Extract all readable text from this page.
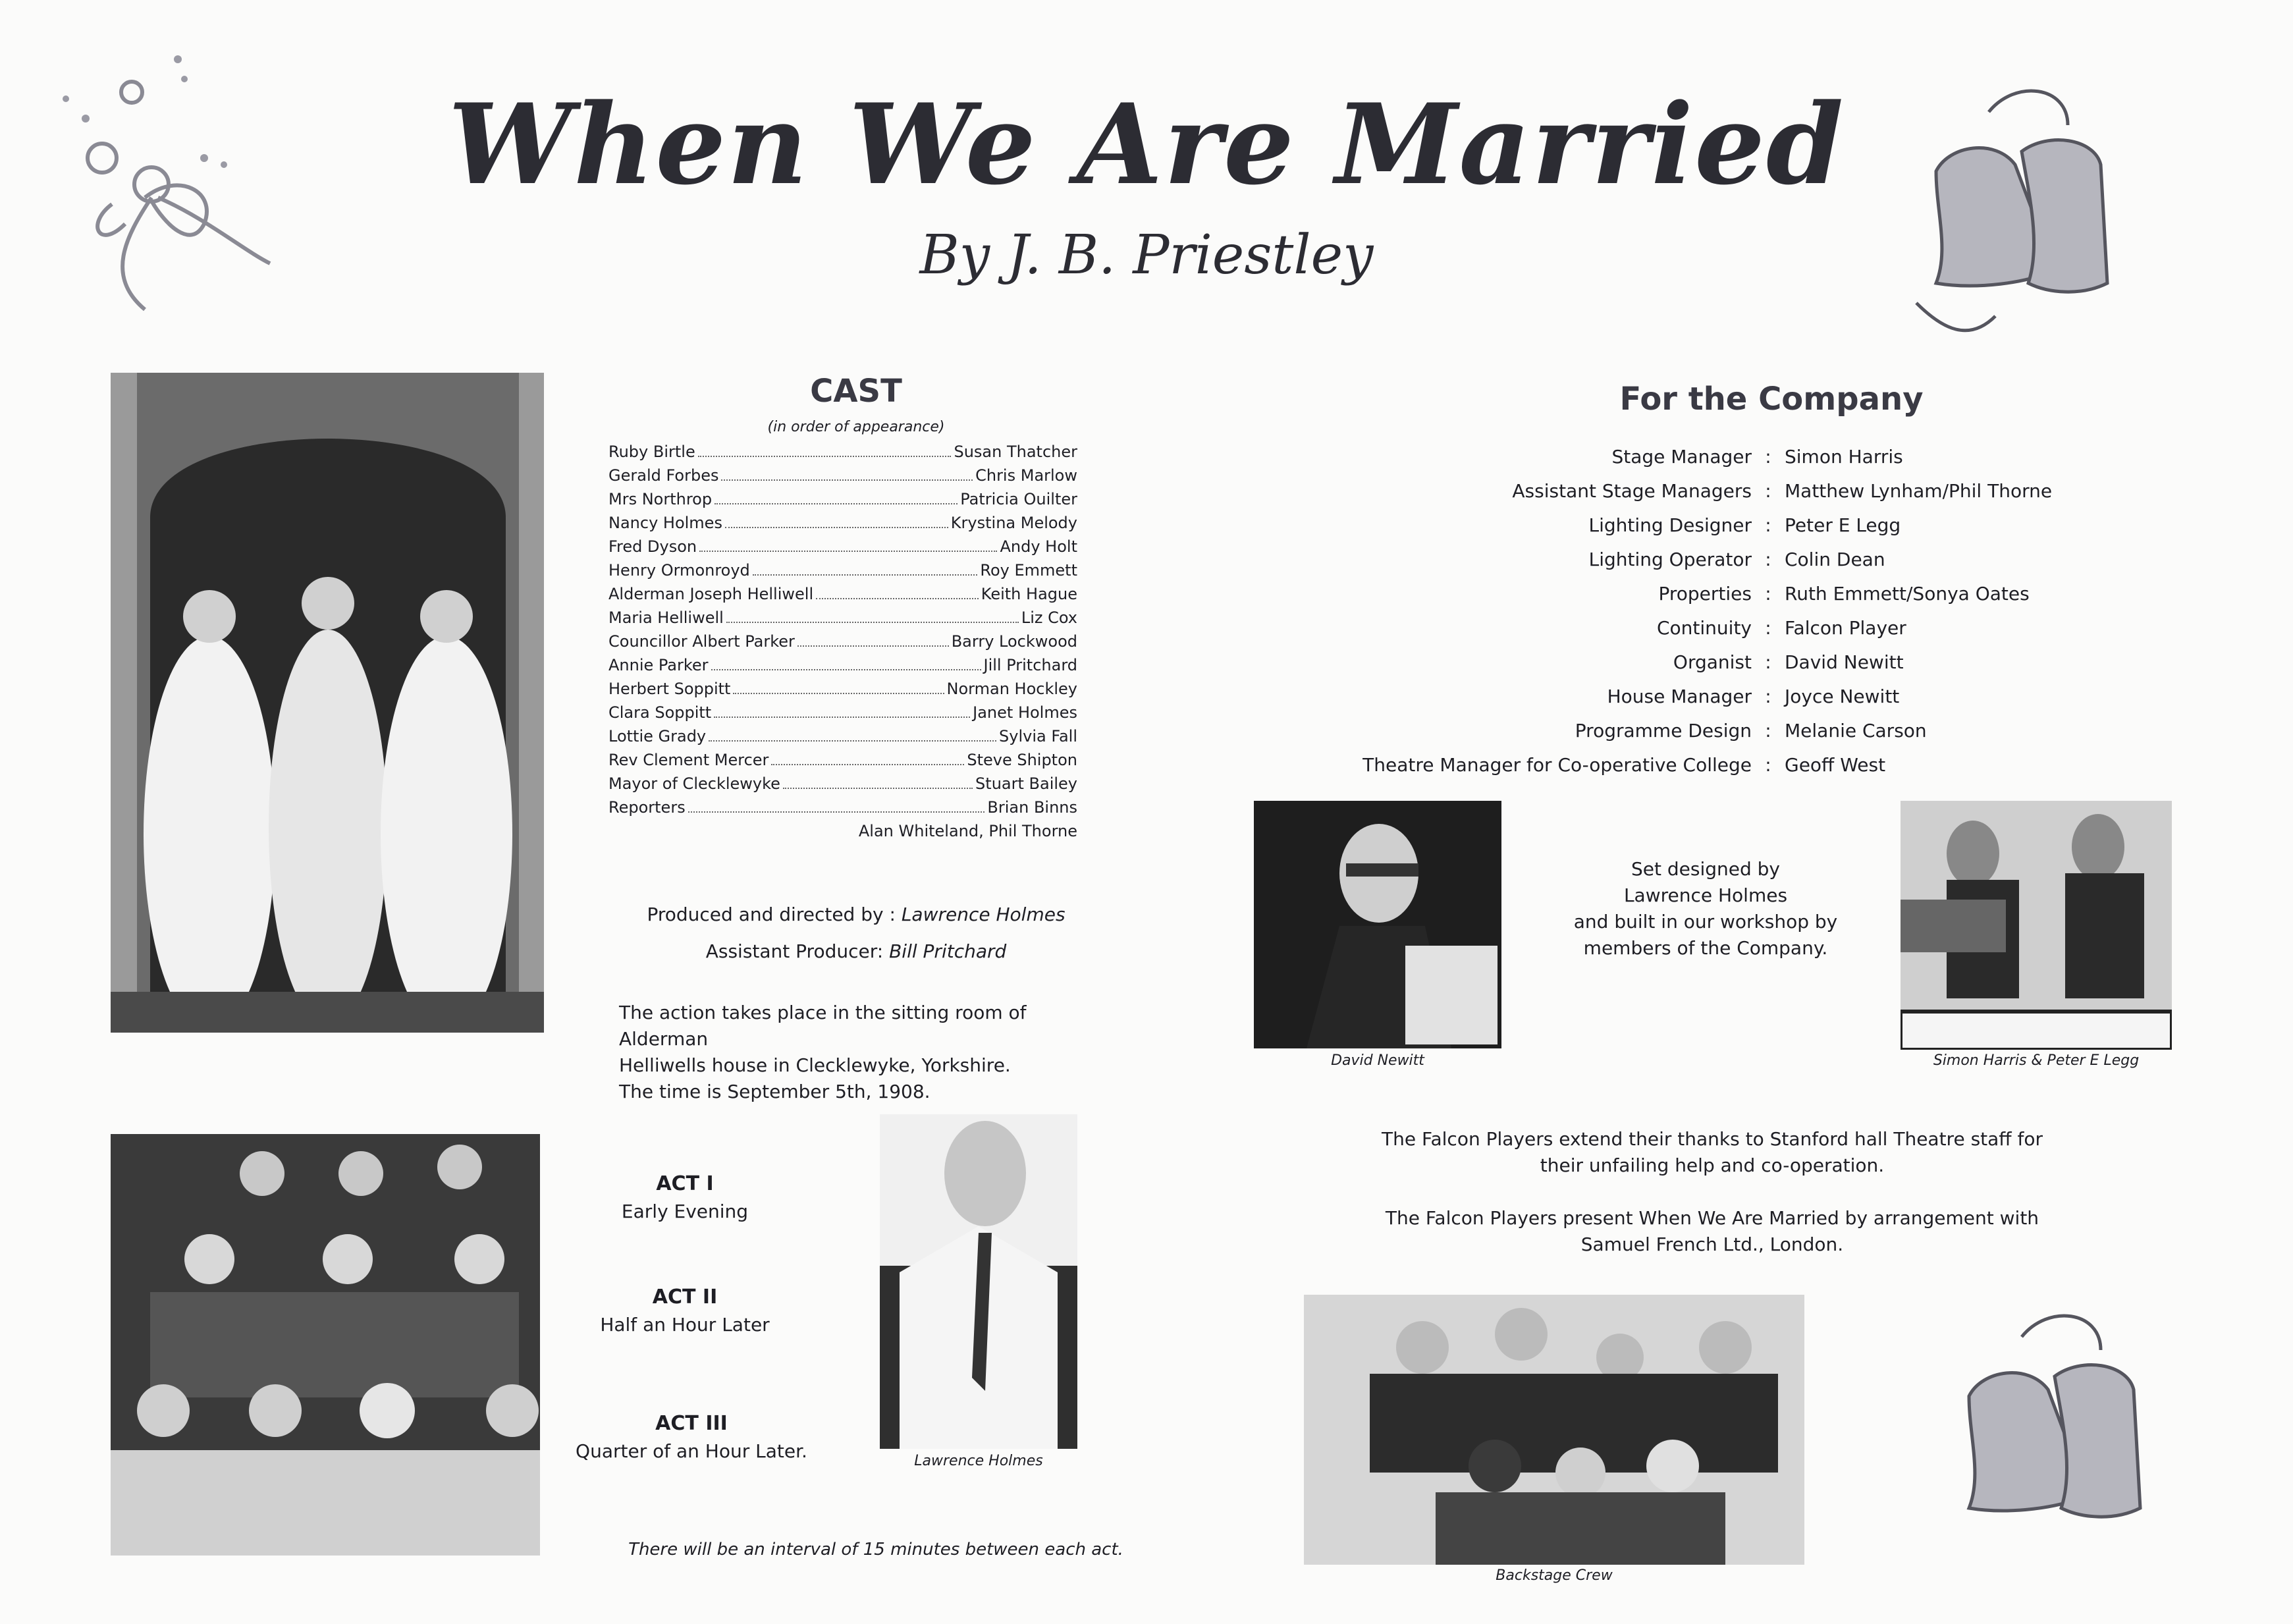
When We Are Married
By J. B. Priestley
CAST
(in order of appearance)
Ruby Birtle	Susan Thatcher
Gerald Forbes	Chris Marlow
Mrs Northrop	Patricia Ouilter
Nancy Holmes	Krystina Melody
Fred Dyson	Andy Holt
Henry Ormonroyd	Roy Emmett
Alderman Joseph Helliwell	Keith Hague
Maria Helliwell	Liz Cox
Councillor Albert Parker	Barry Lockwood
Annie Parker	Jill Pritchard
Herbert Soppitt	Norman Hockley
Clara Soppitt	Janet Holmes
Lottie Grady	Sylvia Fall
Rev Clement Mercer	Steve Shipton
Mayor of Clecklewyke	Stuart Bailey
Reporters	Brian Binns
Alan Whiteland, Phil Thorne
Produced and directed by : Lawrence Holmes
Assistant Producer: Bill Pritchard
The action takes place in the sitting room of Alderman
Helliwells house in Clecklewyke, Yorkshire.
The time is September 5th, 1908.
ACT I
Early Evening
ACT II
Half an Hour Later
ACT III
Quarter of an Hour Later.	Lawrence Holmes
There will be an interval of 15 minutes between each act.
For the Company
Stage Manager : Simon Harris
Assistant Stage Managers : Matthew Lynham/Phil Thorne
Lighting Designer : Peter E Legg
Lighting Operator : Colin Dean
Properties : Ruth Emmett/Sonya Oates
Continuity : Falcon Player
Organist : David Newitt
House Manager : Joyce Newitt
Programme Design : Melanie Carson
Theatre Manager for Co-operative College : Geoff West
Set designed by
Lawrence Holmes
and built in our workshop by
members of the Company.
David Newitt	Simon Harris & Peter E Legg
The Falcon Players extend their thanks to Stanford hall Theatre staff for
their unfailing help and co-operation.
The Falcon Players present When We Are Married by arrangement with
Samuel French Ltd., London.
Backstage Crew
